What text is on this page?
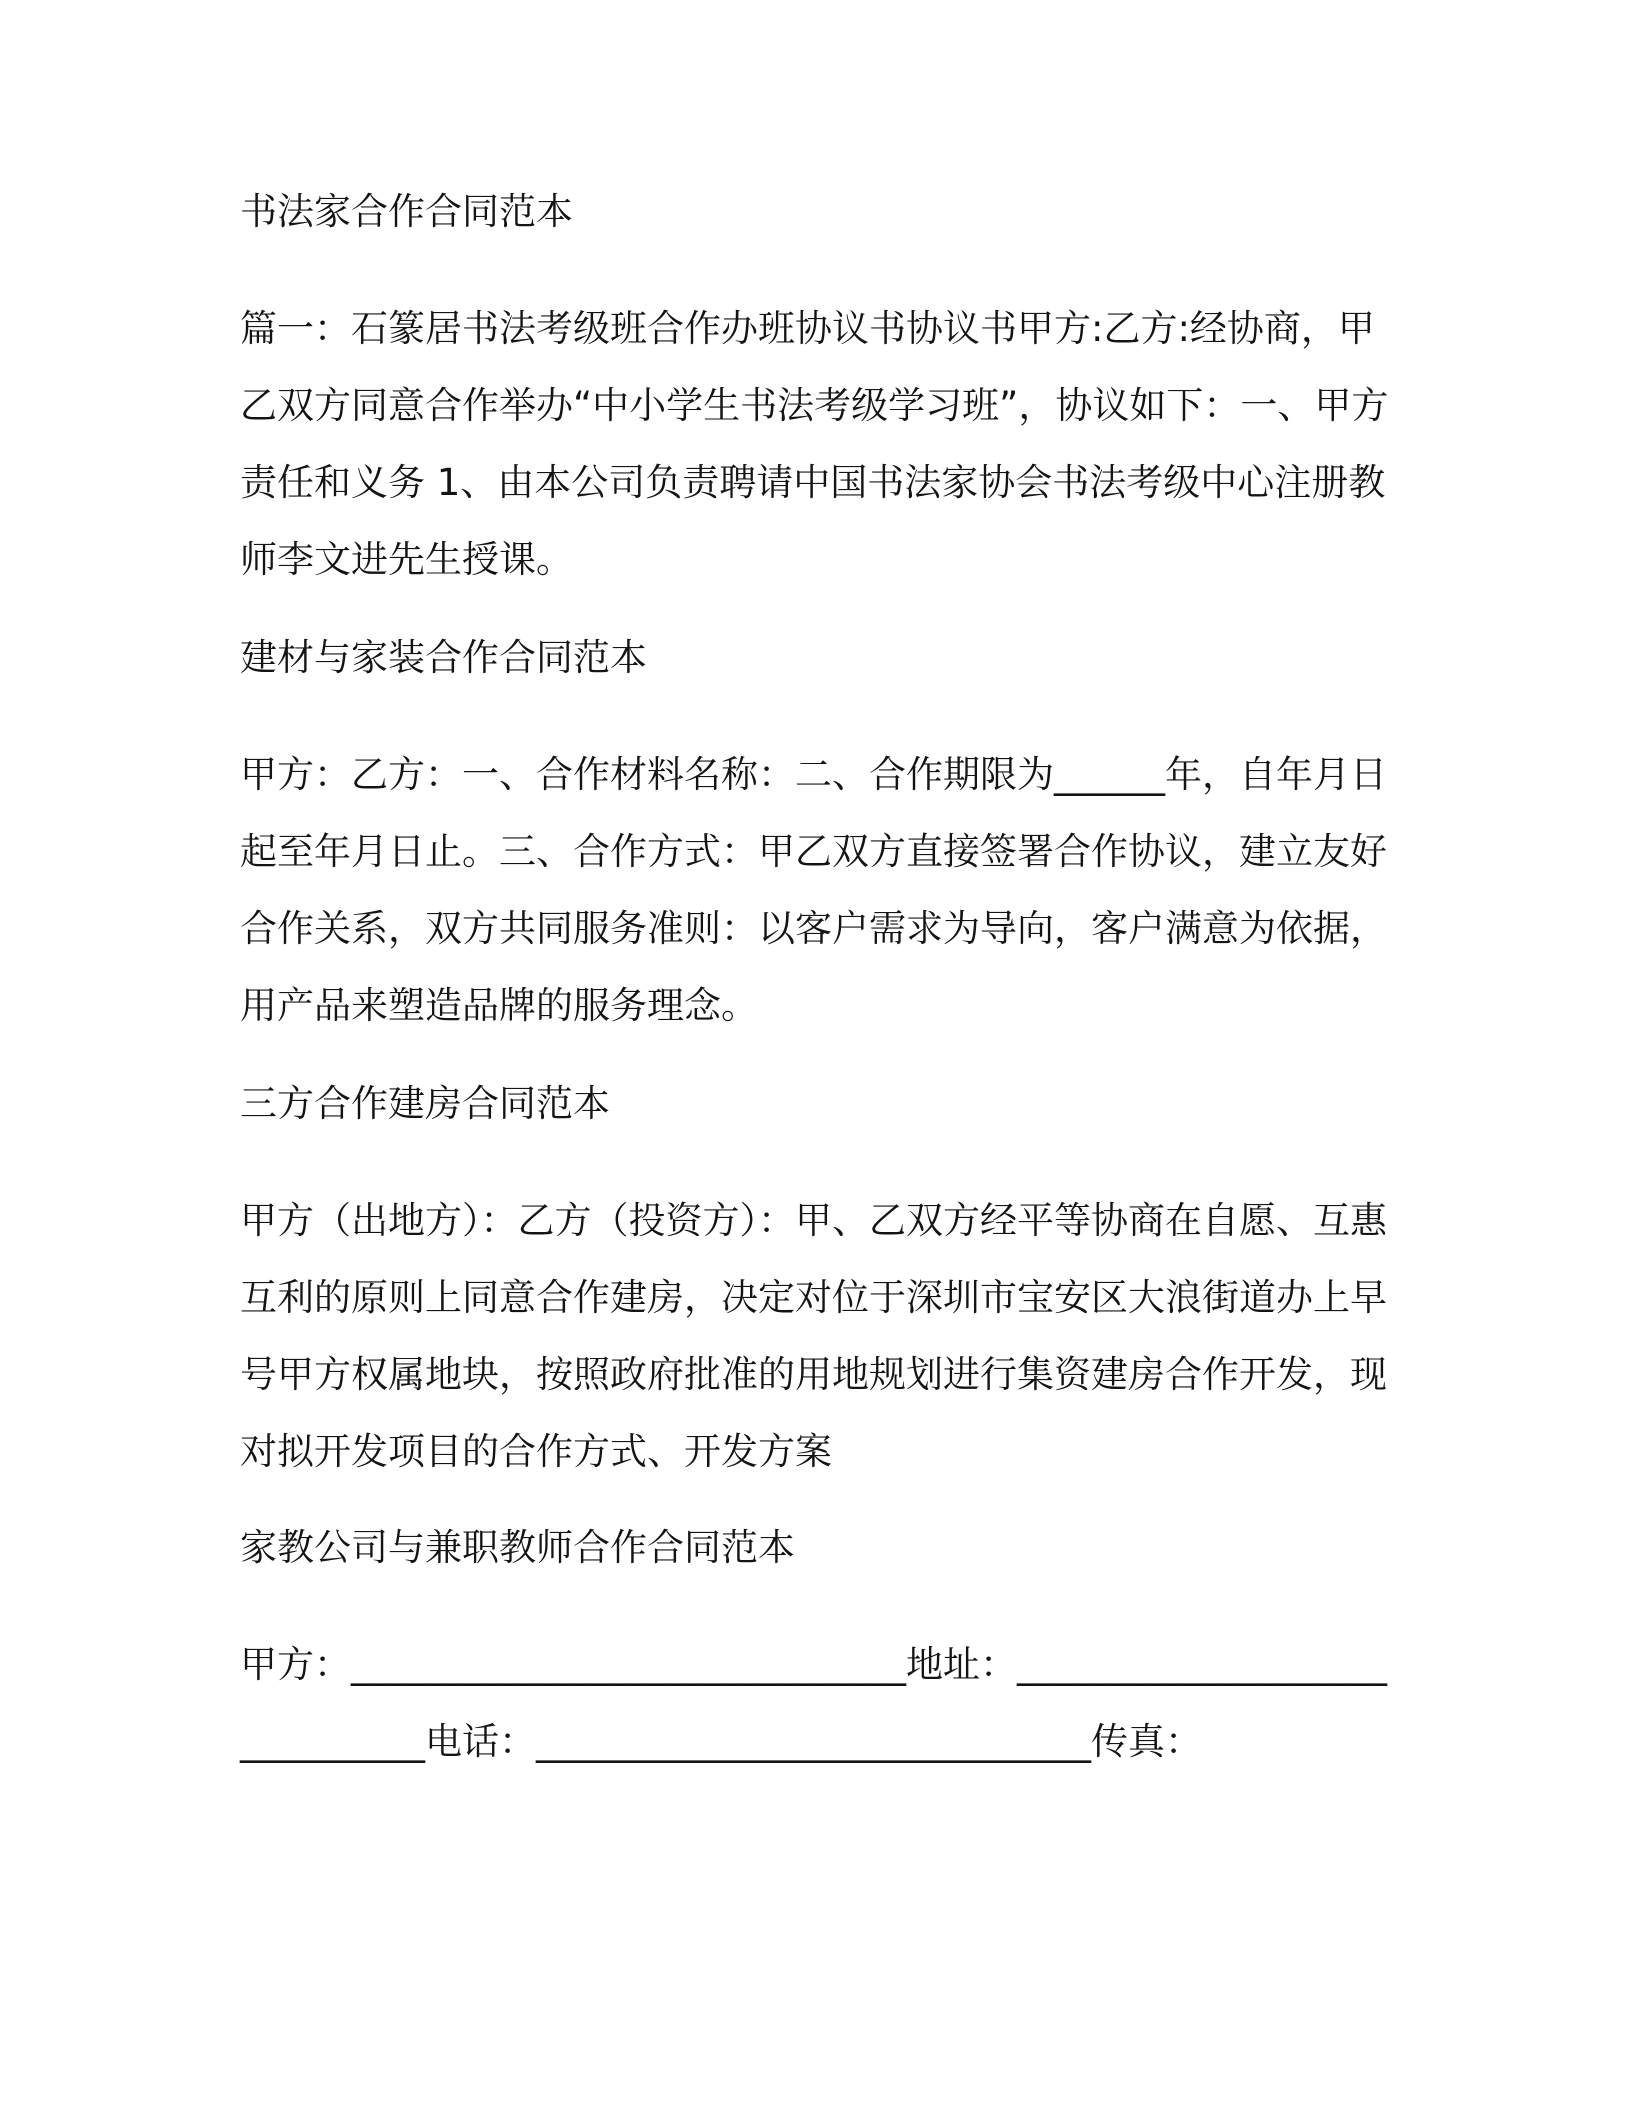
书法家合作合同范本
篇一：石篆居书法考级班合作办班协议书协议书甲方:乙方:经协商，甲乙双方同意合作举办“中小学生书法考级学习班”，协议如下：一、甲方责任和义务 1、由本公司负责聘请中国书法家协会书法考级中心注册教师李文进先生授课。
建材与家装合作合同范本
甲方：乙方：一、合作材料名称：二、合作期限为______年，自年月日起至年月日止。三、合作方式：甲乙双方直接签署合作协议，建立友好合作关系，双方共同服务准则：以客户需求为导向，客户满意为依据，用产品来塑造品牌的服务理念。
三方合作建房合同范本
甲方（出地方）：乙方（投资方）：甲、乙双方经平等协商在自愿、互惠互利的原则上同意合作建房，决定对位于深圳市宝安区大浪街道办上早 号甲方权属地块，按照政府批准的用地规划进行集资建房合作开发，现对拟开发项目的合作方式、开发方案
家教公司与兼职教师合作合同范本
甲方：______________________________地址：______________________________电话：______________________________传真：
